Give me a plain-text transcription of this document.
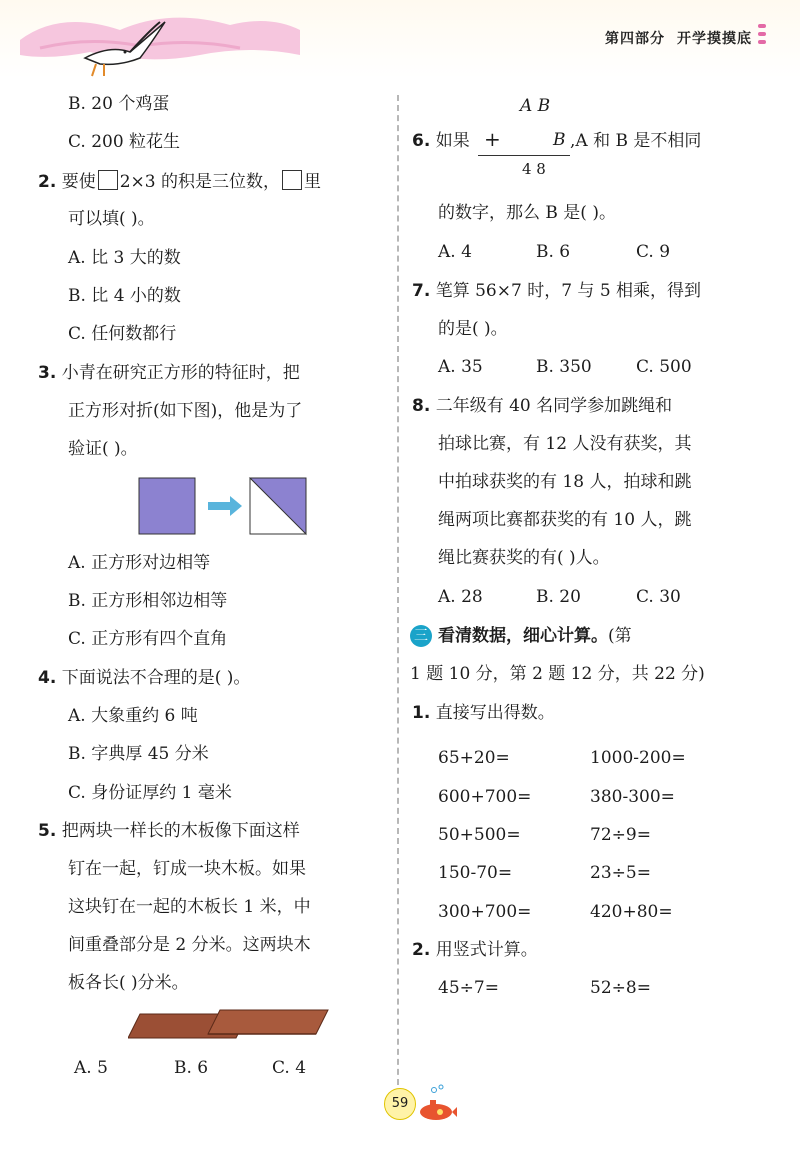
第四部分 开学摸摸底
B. 20 个鸡蛋
C. 200 粒花生
2. 要使 2×3 的积是三位数， 里
可以填( )。
A. 比 3 大的数
B. 比 4 小的数
C. 任何数都行
3. 小青在研究正方形的特征时，把
正方形对折(如下图)，他是为了
验证( )。
A. 正方形对边相等
B. 正方形相邻边相等
C. 正方形有四个直角
4. 下面说法不合理的是( )。
A. 大象重约 6 吨
B. 字典厚 45 分米
C. 身份证厚约 1 毫米
5. 把两块一样长的木板像下面这样
钉在一起，钉成一块木板。如果
这块钉在一起的木板长 1 米，中
间重叠部分是 2 分米。这两块木
板各长( )分米。
A. 5	B. 6	C. 4
A B
6. 如果 +	B ,A 和 B 是不相同
4 8
的数字，那么 B 是( )。
A. 4	B. 6	C. 9
7. 笔算 56×7 时，7 与 5 相乘，得到
的是( )。
A. 35	B. 350	C. 500
8. 二年级有 40 名同学参加跳绳和
拍球比赛，有 12 人没有获奖，其
中拍球获奖的有 18 人，拍球和跳
绳两项比赛都获奖的有 10 人，跳
绳比赛获奖的有( )人。
A. 28	B. 20	C. 30
三 看清数据，细心计算。(第
1 题 10 分，第 2 题 12 分，共 22 分)
1. 直接写出得数。
65+20=	1000-200=
600+700=	380-300=
50+500=	72÷9=
150-70=	23÷5=
300+700=	420+80=
2. 用竖式计算。
45÷7=	52÷8=
59
